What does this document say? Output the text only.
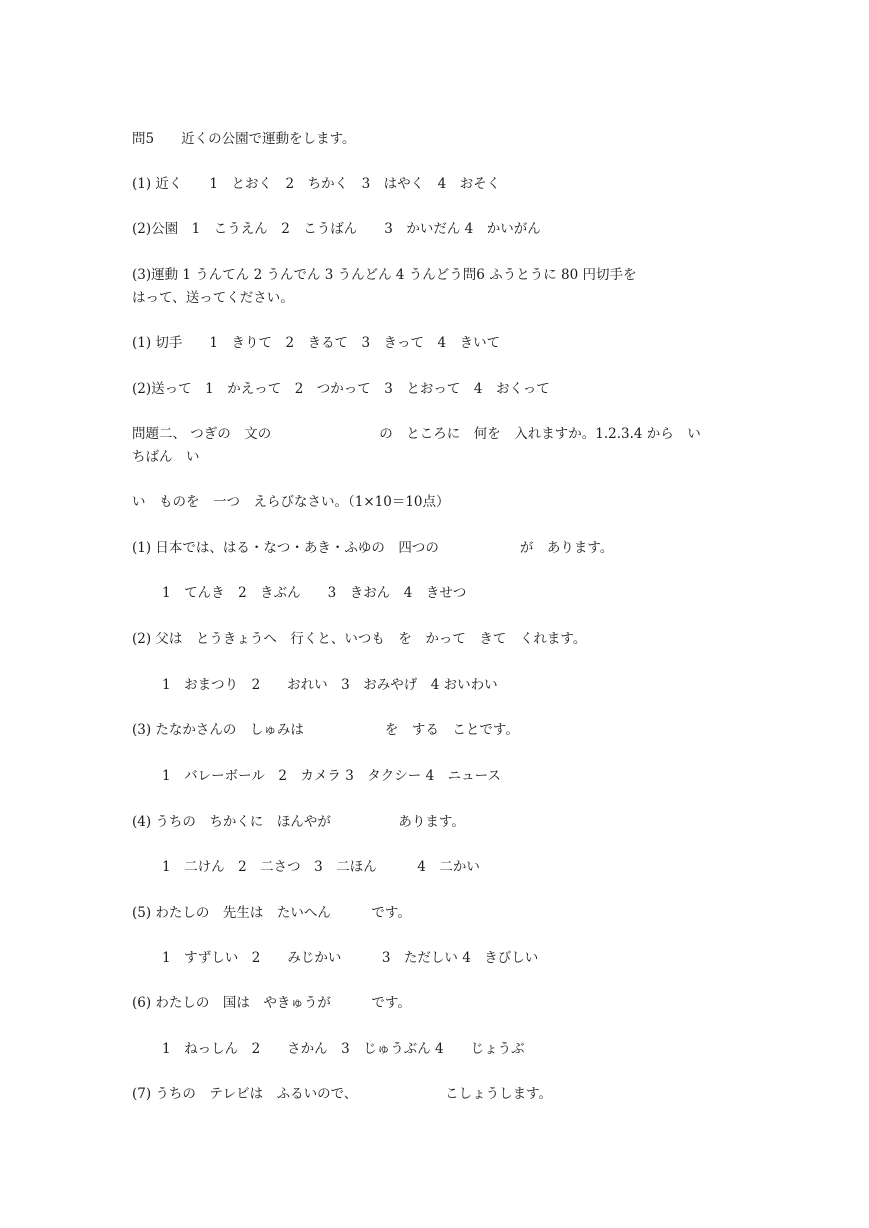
問5　　近くの公園で運動をします。

(1) 近く　　1　とおく　2　ちかく　3　はやく　4　おそく

(2)公園　1　こうえん　2　こうばん　　3　かいだん 4　かいがん

(3)運動 1 うんてん 2 うんでん 3 うんどん 4 うんどう問6 ふうとうに 80 円切手を

はって、送ってください。

(1) 切手　　1　きりて　2　きるて　3　きって　4　きいて

(2)送って　1　かえって　2　つかって　3　とおって　4　おくって

問題二、 つぎの　文の　　　　　　　　の　ところに　何を　入れますか。1.2.3.4 から　い

ちばん　い

い　ものを　一つ　えらびなさい。（1×10＝10点）

(1) 日本では、はる・なつ・あき・ふゆの　四つの　　　　　　が　あります。

1　てんき　2　きぶん　　3　きおん　4　きせつ

(2) 父は　とうきょうへ　行くと、いつも　を　かって　きて　くれます。

1　おまつり　2　　おれい　3　おみやげ　4 おいわい

(3) たなかさんの　しゅみは　　　　　　を　する　ことです。

1　バレーボール　2　カメラ 3　タクシー 4　ニュース

(4) うちの　ちかくに　ほんやが　　　　　あります。

1　二けん　2　二さつ　3　二ほん　　　4　二かい

(5) わたしの　先生は　たいへん　　　です。

1　すずしい　2　　みじかい　　　3　ただしい 4　きびしい

(6) わたしの　国は　やきゅうが　　　です。

1　ねっしん　2　　さかん　3　じゅうぶん 4　　じょうぶ

(7) うちの　テレビは　ふるいので、　　　　　　　こしょうします。
